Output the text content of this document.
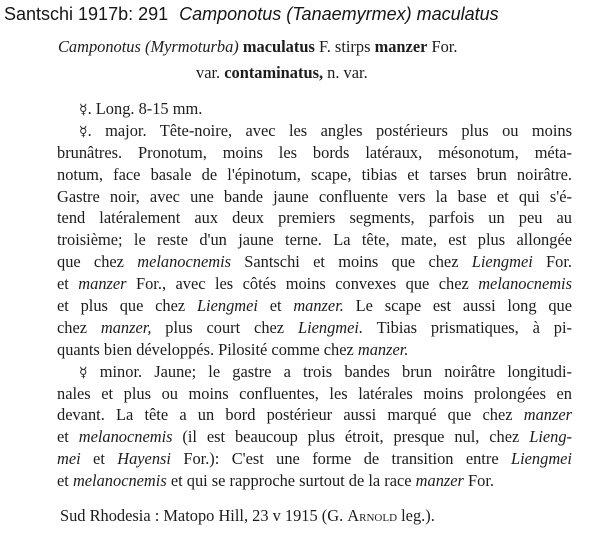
Santschi 1917b: 291 Camponotus (Tanaemyrmex) maculatus
Camponotus (Myrmoturba) maculatus F. stirps manzer For.
var. contaminatus, n. var.
☿. Long. 8-15 mm.
☿. major. Tête-noire, avec les angles postérieurs plus ou moins
brunâtres. Pronotum, moins les bords latéraux, mésonotum, méta-
notum, face basale de l'épinotum, scape, tibias et tarses brun noirâtre.
Gastre noir, avec une bande jaune confluente vers la base et qui s'é-
tend latéralement aux deux premiers segments, parfois un peu au
troisième; le reste d'un jaune terne. La tête, mate, est plus allongée
que chez melanocnemis Santschi et moins que chez Liengmei For.
et manzer For., avec les côtés moins convexes que chez melanocnemis
et plus que chez Liengmei et manzer. Le scape est aussi long que
chez manzer, plus court chez Liengmei. Tibias prismatiques, à pi-
quants bien développés. Pilosité comme chez manzer.
☿ minor. Jaune; le gastre a trois bandes brun noirâtre longitudi-
nales et plus ou moins confluentes, les latérales moins prolongées en
devant. La tête a un bord postérieur aussi marqué que chez manzer
et melanocnemis (il est beaucoup plus étroit, presque nul, chez Lieng-
mei et Hayensi For.): C'est une forme de transition entre Liengmei
et melanocnemis et qui se rapproche surtout de la race manzer For.
Sud Rhodesia : Matopo Hill, 23 v 1915 (G. Arnold leg.).
